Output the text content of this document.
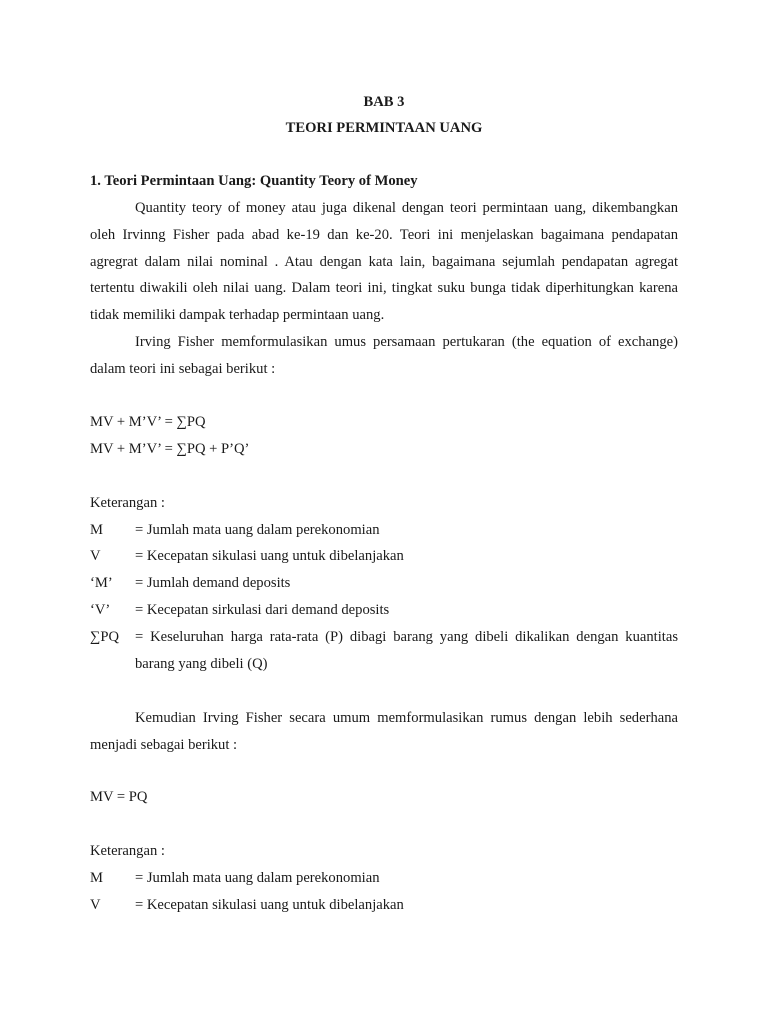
BAB 3
TEORI PERMINTAAN UANG
1. Teori Permintaan Uang: Quantity Teory of Money

Quantity teory of money atau juga dikenal dengan teori permintaan uang, dikembangkan oleh Irvinng Fisher pada abad ke-19 dan ke-20. Teori ini menjelaskan bagaimana pendapatan agregrat dalam nilai nominal . Atau dengan kata lain, bagaimana sejumlah pendapatan agregat tertentu diwakili oleh nilai uang. Dalam teori ini, tingkat suku bunga tidak diperhitungkan karena tidak memiliki dampak terhadap permintaan uang.

Irving Fisher memformulasikan umus persamaan pertukaran (the equation of exchange) dalam teori ini sebagai berikut :

MV + M’V’ = ∑PQ
MV + M’V’ = ∑PQ + P’Q’
Keterangan :
M	= Jumlah mata uang dalam perekonomian
V	= Kecepatan sikulasi uang untuk dibelanjakan
‘M’	= Jumlah demand deposits
‘V’	= Kecepatan sirkulasi dari demand deposits
∑PQ	= Keseluruhan harga rata-rata (P) dibagi barang yang dibeli dikalikan dengan kuantitas barang yang dibeli (Q)

Kemudian Irving Fisher secara umum memformulasikan rumus dengan lebih sederhana menjadi sebagai berikut :

MV = PQ
Keterangan :
M	= Jumlah mata uang dalam perekonomian
V	= Kecepatan sikulasi uang untuk dibelanjakan
